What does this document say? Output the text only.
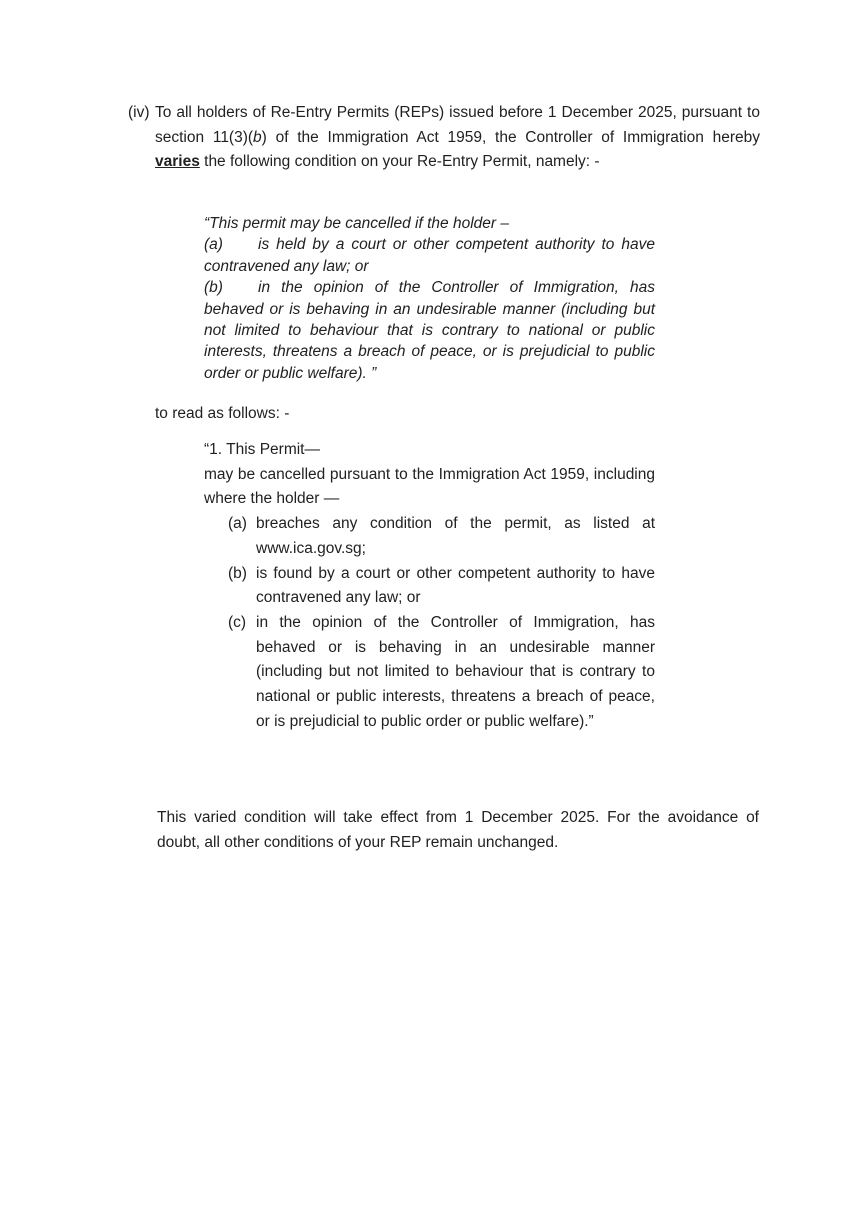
(iv) To all holders of Re-Entry Permits (REPs) issued before 1 December 2025, pursuant to section 11(3)(b) of the Immigration Act 1959, the Controller of Immigration hereby varies the following condition on your Re-Entry Permit, namely: -

“This permit may be cancelled if the holder –

(a) is held by a court or other competent authority to have contravened any law; or

(b) in the opinion of the Controller of Immigration, has behaved or is behaving in an undesirable manner (including but not limited to behaviour that is contrary to national or public interests, threatens a breach of peace, or is prejudicial to public order or public welfare). ”

to read as follows: -

“1. This Permit—

may be cancelled pursuant to the Immigration Act 1959, including where the holder —

(a) breaches any condition of the permit, as listed at www.ica.gov.sg;
(b) is found by a court or other competent authority to have contravened any law; or
(c) in the opinion of the Controller of Immigration, has behaved or is behaving in an undesirable manner (including but not limited to behaviour that is contrary to national or public interests, threatens a breach of peace, or is prejudicial to public order or public welfare).”

This varied condition will take effect from 1 December 2025. For the avoidance of doubt, all other conditions of your REP remain unchanged.
